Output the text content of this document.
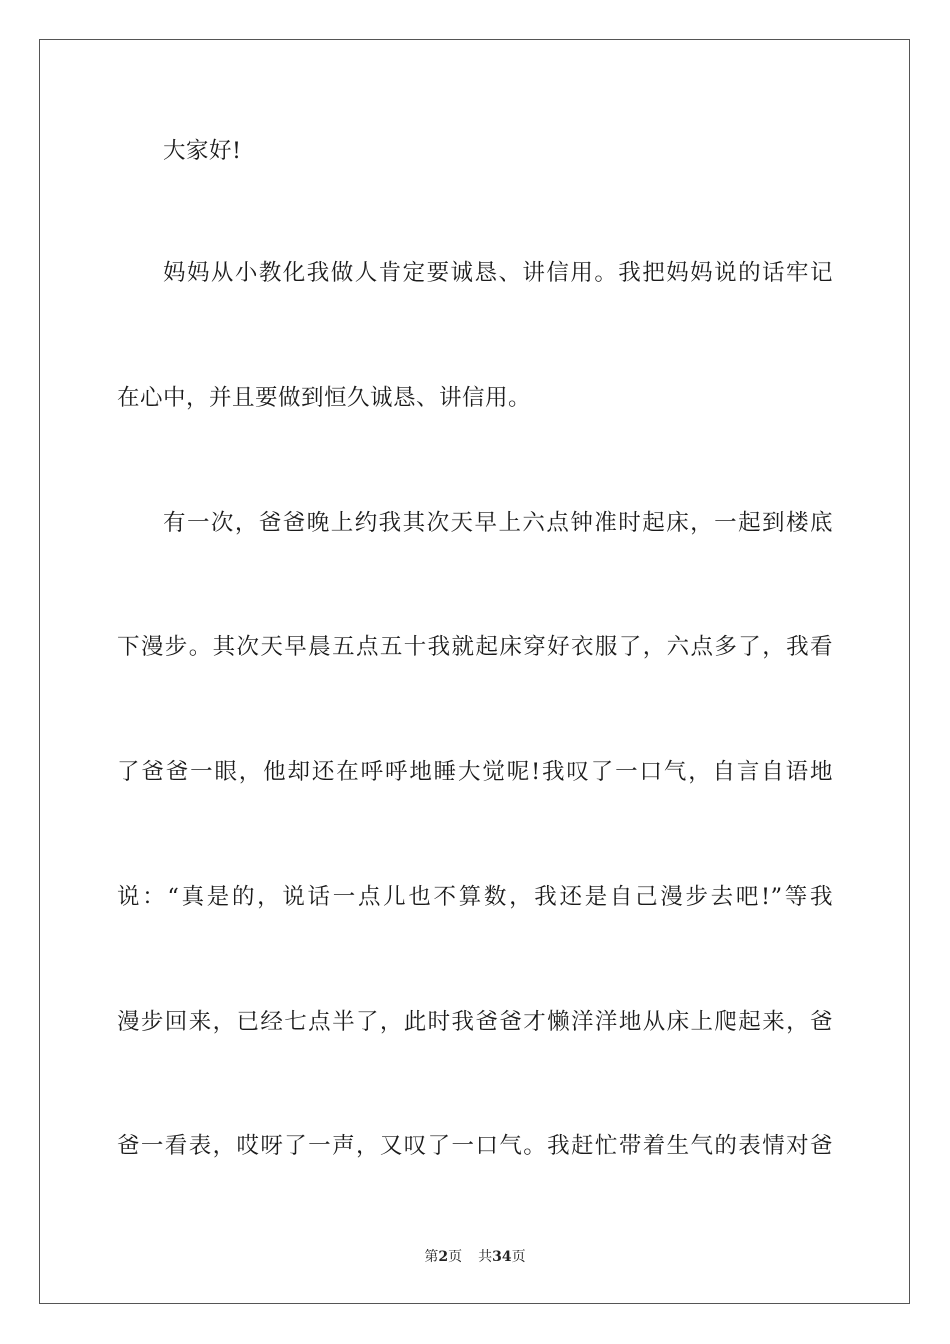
大家好!
妈妈从小教化我做人肯定要诚恳、讲信用。我把妈妈说的话牢记
在心中，并且要做到恒久诚恳、讲信用。
有一次，爸爸晚上约我其次天早上六点钟准时起床，一起到楼底
下漫步。其次天早晨五点五十我就起床穿好衣服了，六点多了，我看
了爸爸一眼，他却还在呼呼地睡大觉呢!我叹了一口气，自言自语地
说：“真是的，说话一点儿也不算数，我还是自己漫步去吧!”等我
漫步回来，已经七点半了，此时我爸爸才懒洋洋地从床上爬起来，爸
爸一看表，哎呀了一声，又叹了一口气。我赶忙带着生气的表情对爸
第2页 共34页
